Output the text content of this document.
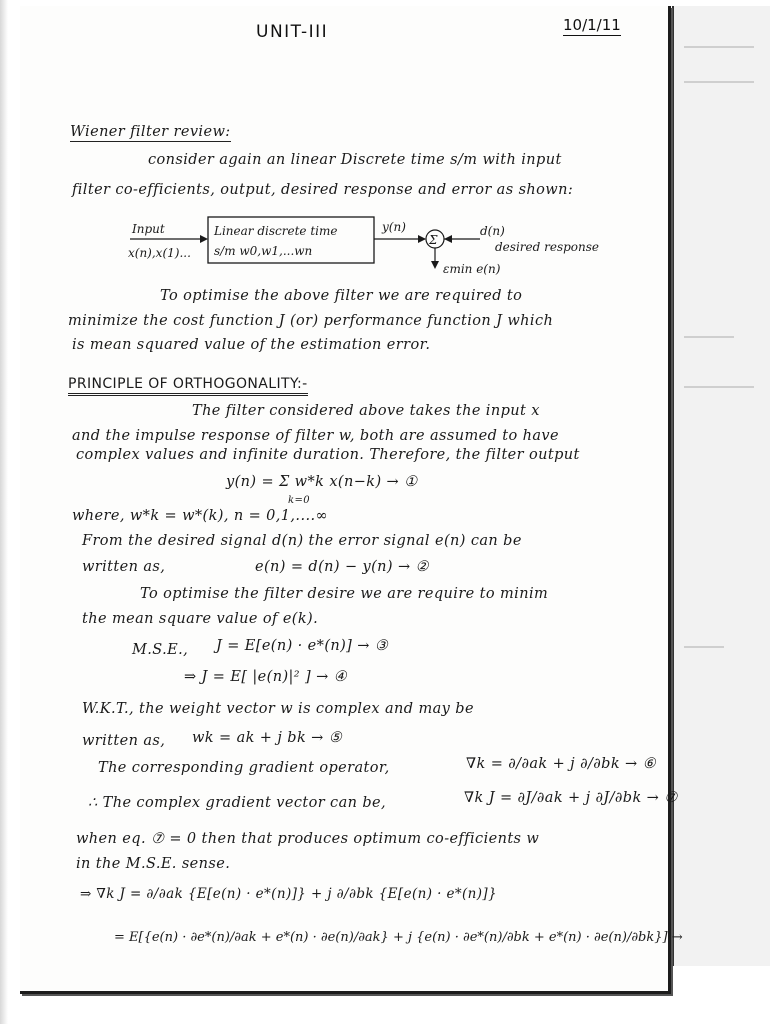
UNIT-III	10/1/11
Wiener filter review:
consider again an linear Discrete time s/m with input
filter co-efficients, output, desired response and error as shown:
Input
x(n),x(1)...
Linear discrete time
s/m w0,w1,...wn
y(n)
Σ
d(n)
desired response
εmin e(n)
To optimise the above filter we are required to
minimize the cost function J (or) performance function J which
is mean squared value of the estimation error.
PRINCIPLE OF ORTHOGONALITY:-
The filter considered above takes the input x
and the impulse response of filter w, both are assumed to have
complex values and infinite duration. Therefore, the filter output
y(n) = Σ w*k x(n−k) → ①
k=0
where, w*k = w*(k), n = 0,1,....∞
From the desired signal d(n) the error signal e(n) can be
written as,	e(n) = d(n) − y(n) → ②
To optimise the filter desire we are require to minim
the mean square value of e(k).
M.S.E., J = E[e(n) · e*(n)] → ③
⇒ J = E[ |e(n)|² ] → ④
W.K.T., the weight vector w is complex and may be
written as, wk = ak + j bk → ⑤
The corresponding gradient operator,	∇k = ∂/∂ak + j ∂/∂bk → ⑥
∴ The complex gradient vector can be,	∇k J = ∂J/∂ak + j ∂J/∂bk → ⑦
when eq. ⑦ = 0 then that produces optimum co-efficients w
in the M.S.E. sense.
⇒ ∇k J = ∂/∂ak {E[e(n) · e*(n)]} + j ∂/∂bk {E[e(n) · e*(n)]}
= E[{e(n) · ∂e*(n)/∂ak + e*(n) · ∂e(n)/∂ak} + j {e(n) · ∂e*(n)/∂bk + e*(n) · ∂e(n)/∂bk}] →
